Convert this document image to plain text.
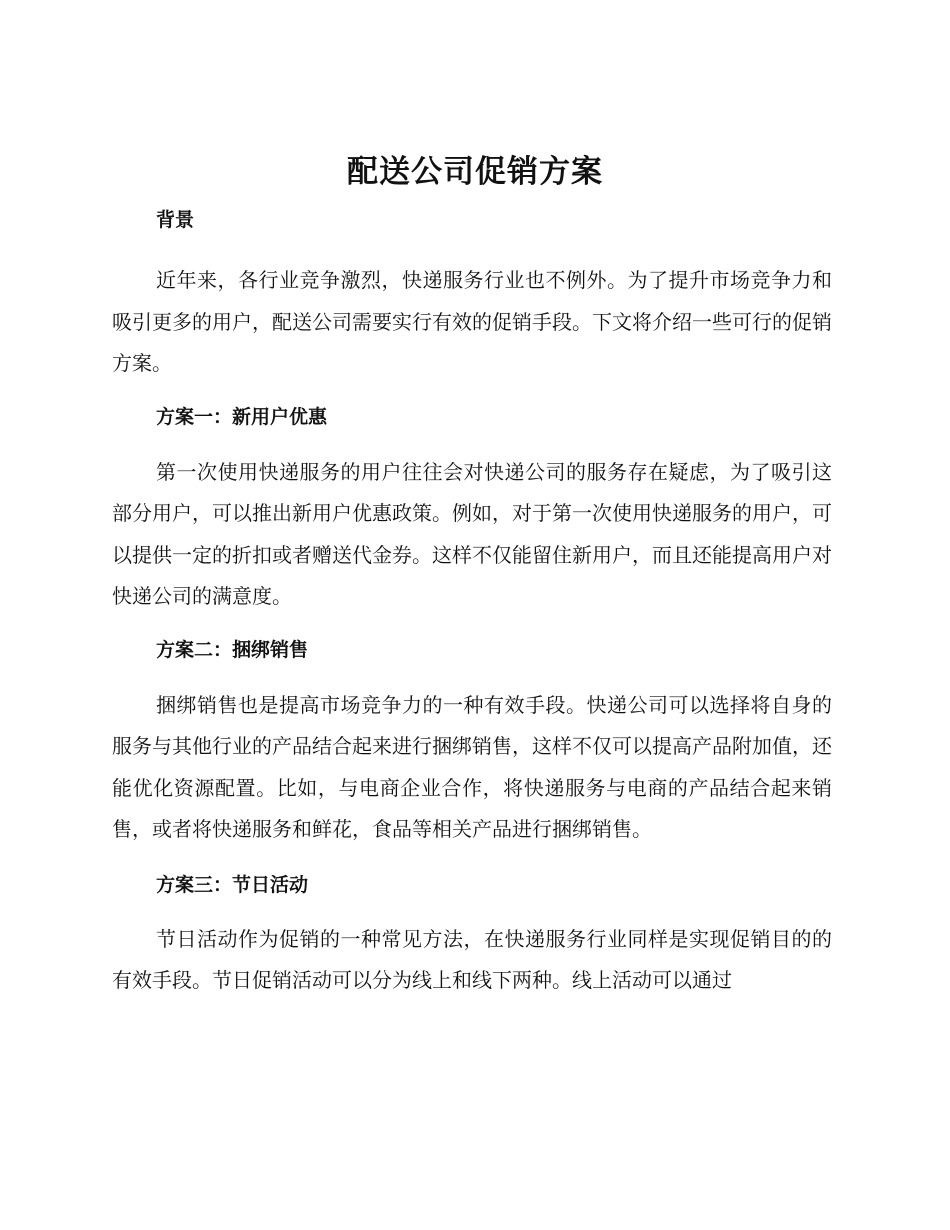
配送公司促销方案
背景

近年来，各行业竞争激烈，快递服务行业也不例外。为了提升市场竞争力和吸引更多的用户，配送公司需要实行有效的促销手段。下文将介绍一些可行的促销方案。

方案一：新用户优惠

第一次使用快递服务的用户往往会对快递公司的服务存在疑虑，为了吸引这部分用户，可以推出新用户优惠政策。例如，对于第一次使用快递服务的用户，可以提供一定的折扣或者赠送代金券。这样不仅能留住新用户，而且还能提高用户对快递公司的满意度。

方案二：捆绑销售

捆绑销售也是提高市场竞争力的一种有效手段。快递公司可以选择将自身的服务与其他行业的产品结合起来进行捆绑销售，这样不仅可以提高产品附加值，还能优化资源配置。比如，与电商企业合作，将快递服务与电商的产品结合起来销售，或者将快递服务和鲜花，食品等相关产品进行捆绑销售。

方案三：节日活动

节日活动作为促销的一种常见方法，在快递服务行业同样是实现促销目的的有效手段。节日促销活动可以分为线上和线下两种。线上活动可以通过
